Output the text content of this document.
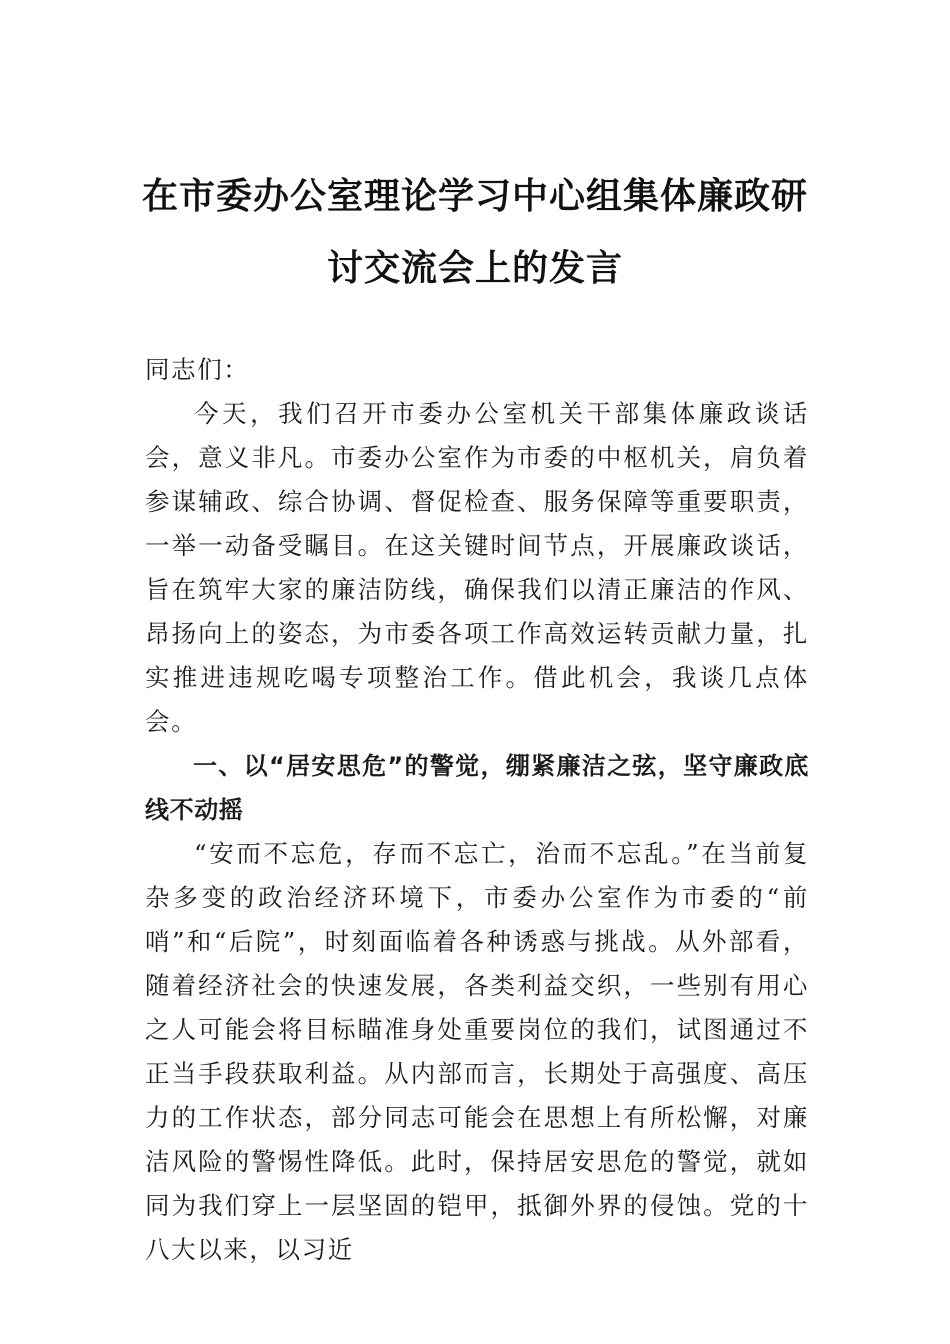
在市委办公室理论学习中心组集体廉政研
讨交流会上的发言

同志们：

今天，我们召开市委办公室机关干部集体廉政谈话会，意义非凡。市委办公室作为市委的中枢机关，肩负着参谋辅政、综合协调、督促检查、服务保障等重要职责，一举一动备受瞩目。在这关键时间节点，开展廉政谈话，旨在筑牢大家的廉洁防线，确保我们以清正廉洁的作风、昂扬向上的姿态，为市委各项工作高效运转贡献力量，扎实推进违规吃喝专项整治工作。借此机会，我谈几点体会。

一、以“居安思危”的警觉，绷紧廉洁之弦，坚守廉政底线不动摇

“安而不忘危，存而不忘亡，治而不忘乱。”在当前复杂多变的政治经济环境下，市委办公室作为市委的“前哨”和“后院”，时刻面临着各种诱惑与挑战。从外部看，随着经济社会的快速发展，各类利益交织，一些别有用心之人可能会将目标瞄准身处重要岗位的我们，试图通过不正当手段获取利益。从内部而言，长期处于高强度、高压力的工作状态，部分同志可能会在思想上有所松懈，对廉洁风险的警惕性降低。此时，保持居安思危的警觉，就如同为我们穿上一层坚固的铠甲，抵御外界的侵蚀。党的十八大以来，以习近
